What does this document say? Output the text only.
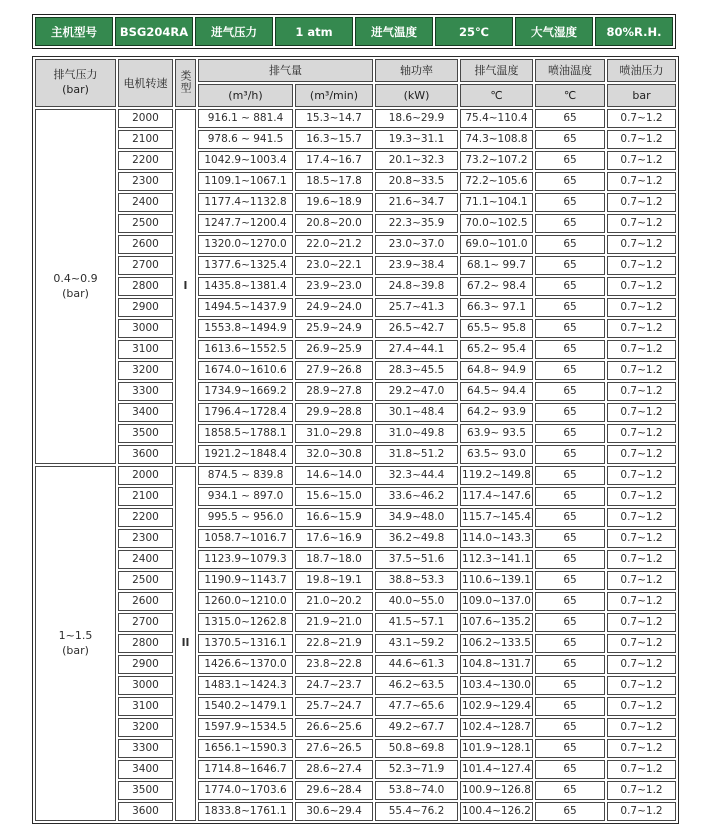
主机型号	BSG204RA	进气压力	1 atm	进气温度	25℃	大气湿度	80%R.H.
排气压力
(bar)	电机转速	类型	排气量		轴功率	排气温度	喷油温度	喷油压力
			(m³/h)	(m³/min)	(kW)	℃	℃	bar

0.4~0.9
(bar)	2000	I	916.1 ~ 881.4	15.3~14.7	18.6~29.9	75.4~110.4	65	0.7~1.2
	2100		978.6 ~ 941.5	16.3~15.7	19.3~31.1	74.3~108.8	65	0.7~1.2
	2200		1042.9~1003.4	17.4~16.7	20.1~32.3	73.2~107.2	65	0.7~1.2
	2300		1109.1~1067.1	18.5~17.8	20.8~33.5	72.2~105.6	65	0.7~1.2
	2400		1177.4~1132.8	19.6~18.9	21.6~34.7	71.1~104.1	65	0.7~1.2
	2500		1247.7~1200.4	20.8~20.0	22.3~35.9	70.0~102.5	65	0.7~1.2
	2600		1320.0~1270.0	22.0~21.2	23.0~37.0	69.0~101.0	65	0.7~1.2
	2700		1377.6~1325.4	23.0~22.1	23.9~38.4	68.1~ 99.7	65	0.7~1.2
	2800		1435.8~1381.4	23.9~23.0	24.8~39.8	67.2~ 98.4	65	0.7~1.2
	2900		1494.5~1437.9	24.9~24.0	25.7~41.3	66.3~ 97.1	65	0.7~1.2
	3000		1553.8~1494.9	25.9~24.9	26.5~42.7	65.5~ 95.8	65	0.7~1.2
	3100		1613.6~1552.5	26.9~25.9	27.4~44.1	65.2~ 95.4	65	0.7~1.2
	3200		1674.0~1610.6	27.9~26.8	28.3~45.5	64.8~ 94.9	65	0.7~1.2
	3300		1734.9~1669.2	28.9~27.8	29.2~47.0	64.5~ 94.4	65	0.7~1.2
	3400		1796.4~1728.4	29.9~28.8	30.1~48.4	64.2~ 93.9	65	0.7~1.2
	3500		1858.5~1788.1	31.0~29.8	31.0~49.8	63.9~ 93.5	65	0.7~1.2
	3600		1921.2~1848.4	32.0~30.8	31.8~51.2	63.5~ 93.0	65	0.7~1.2

1~1.5
(bar)	2000	II	874.5 ~ 839.8	14.6~14.0	32.3~44.4	119.2~149.8	65	0.7~1.2
	2100		934.1 ~ 897.0	15.6~15.0	33.6~46.2	117.4~147.6	65	0.7~1.2
	2200		995.5 ~ 956.0	16.6~15.9	34.9~48.0	115.7~145.4	65	0.7~1.2
	2300		1058.7~1016.7	17.6~16.9	36.2~49.8	114.0~143.3	65	0.7~1.2
	2400		1123.9~1079.3	18.7~18.0	37.5~51.6	112.3~141.1	65	0.7~1.2
	2500		1190.9~1143.7	19.8~19.1	38.8~53.3	110.6~139.1	65	0.7~1.2
	2600		1260.0~1210.0	21.0~20.2	40.0~55.0	109.0~137.0	65	0.7~1.2
	2700		1315.0~1262.8	21.9~21.0	41.5~57.1	107.6~135.2	65	0.7~1.2
	2800		1370.5~1316.1	22.8~21.9	43.1~59.2	106.2~133.5	65	0.7~1.2
	2900		1426.6~1370.0	23.8~22.8	44.6~61.3	104.8~131.7	65	0.7~1.2
	3000		1483.1~1424.3	24.7~23.7	46.2~63.5	103.4~130.0	65	0.7~1.2
	3100		1540.2~1479.1	25.7~24.7	47.7~65.6	102.9~129.4	65	0.7~1.2
	3200		1597.9~1534.5	26.6~25.6	49.2~67.7	102.4~128.7	65	0.7~1.2
	3300		1656.1~1590.3	27.6~26.5	50.8~69.8	101.9~128.1	65	0.7~1.2
	3400		1714.8~1646.7	28.6~27.4	52.3~71.9	101.4~127.4	65	0.7~1.2
	3500		1774.0~1703.6	29.6~28.4	53.8~74.0	100.9~126.8	65	0.7~1.2
	3600		1833.8~1761.1	30.6~29.4	55.4~76.2	100.4~126.2	65	0.7~1.2
